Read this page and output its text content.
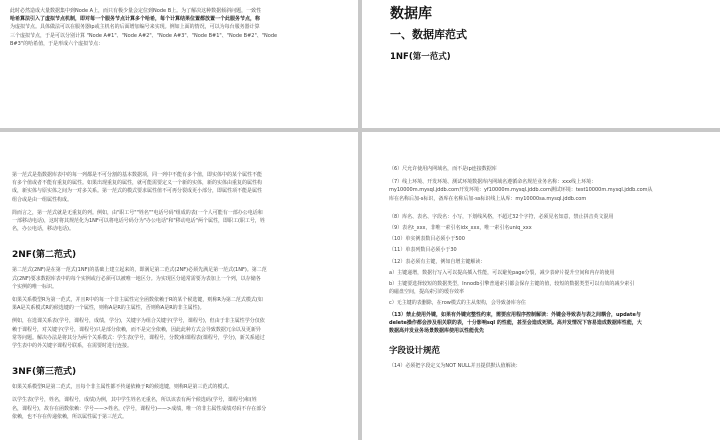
此时必然造成大量数据集中到Node A上，而只有极少量会定位到Node B上。为了解决这种数据倾斜问题，一致性

哈希算法引入了虚拟节点机制，即对每一个服务节点计算多个哈希，每个计算结果位置都放置一个此服务节点，称

为虚拟节点。具体做法可以在服务器ip或主机名的后面增加编号来实现。例如上面的情况，可以为每台服务器计算

三个虚拟节点，于是可以分别计算 "Node A#1"、"Node A#2"、"Node A#3"、"Node B#1"、"Node B#2"、"Node

B#3"的哈希值，于是形成六个虚拟节点：

数据库
一、数据库范式
1NF(第一范式)

第一范式是指数据库表中的每一列都是不可分割的基本数据项，同一列中不能有多个值，即实体中的某个属性不能

有多个值或者不能有重复的属性。如果出现重复的属性，就可能需要定义一个新的实体，新的实体由重复的属性构

成，新实体与原实体之间为一对多关系。第一范式的模式要求属性值不可再分裂成更小部分，即属性项不能是属性

组合或是由一组属性构成。

简而言之，第一范式就是无重复的列。例如，由"职工号""姓名""电话号码"组成的表(一个人可能有一部办公电话和

一部移动电话)，这时将其规范化为1NF可以将电话号码分为"办公电话"和"移动电话"两个属性，即职工(职工号，姓

名，办公电话，移动电话)。

2NF(第二范式)

第二范式(2NF)是在第一范式(1NF)的基础上建立起来的，即满足第二范式(2NF)必须先满足第一范式(1NF)。第二范

式(2NF)要求数据库表中的每个实例或行必须可以被唯一地区分。为实现区分通常需要为表加上一个列，以存储各

个实例的唯一标识。

如果关系模型R为第一范式，并且R中的每一个非主属性完全函数依赖于R的某个候选键，则称R为第二范式模式(如

果A是关系模式R的候选键的一个属性，则称A是R的主属性，否则称A是R的非主属性)。

例如，在选课关系表(学号，课程号，成绩，学分)，关键字为组合关键字(学号，课程号)，但由于非主属性学分仅依

赖于课程号，对关键字(学号，课程号)只是部分依赖，而不是完全依赖，因此此种方式会导致数据冗余以及更新异

常等问题。解决办法是将其分为两个关系模式：学生表(学号，课程号，分数)和课程表(课程号，学分)，新关系通过

学生表中的外关键字课程号联系，在需要时进行连接。

3NF(第三范式)

如果关系模型R是第二范式，且每个非主属性都不传递依赖于R的候选键，则称R是第三范式的模式。

以学生表(学号，姓名，课程号，成绩)为例，其中学生姓名无重名，所以该表有两个候选码(学号，课程号)和(姓

名，课程号)，故存在函数依赖：学号——>姓名，(学号，课程号)——>成绩，唯一的非主属性成绩对码不存在部分

依赖，也不存在传递依赖，所以属性属于第三范式。

（6）尺允许使用内网域名，而不是ip连接数据库

（7）线上环境、开发环境、测试环境数据库内网域名遵循命名规范业务名称：xxx线上环境：

my10000m.mysql.jddb.com开发环境：yf10000m.mysql.jddb.com测试环境：test10000m.mysql.jddb.com从

库在名称后加-s标识，备库在名称后加-ss标识线上从库：my10000sa.mysql.jddb.com

（8）库名、表名、字段名：小写，下划线风格，不超过32个字符，必须见名知意，禁止拼音英文混用

（9）表名t_xxx，非唯一索引名idx_xxx，唯一索引名uniq_xxx

（10）单实例表数目必须小于500

（11）单表列数目必须小于30

（12）表必须有主键，例如自增主键解读：

a）主键递增，数据行写入可以提高插入性能，可以避免page分裂，减少表碎片提升空间和内存的使用

b）主键要选择较短的数据类型，Innodb引擎普通索引都会保存主键的值，较短的数据类型可以有效的减少索引

的磁盘空间，提高索引的缓存效率

c）无主键的表删除，在row模式的主从架构，会导致备库夯住

（13）禁止使用外键，如果有外键完整性约束，需要应用程序控制解读：外键会导致表与表之间耦合，update与

delete操作都会涉及相关联的表，十分影响sql 的性能，甚至会造成死锁。高并发情况下容易造成数据库性能，大

数据高并发业务场景数据库使用以性能优先

字段设计规范

（14）必须把字段定义为NOT NULL并且提供默认值解读：
